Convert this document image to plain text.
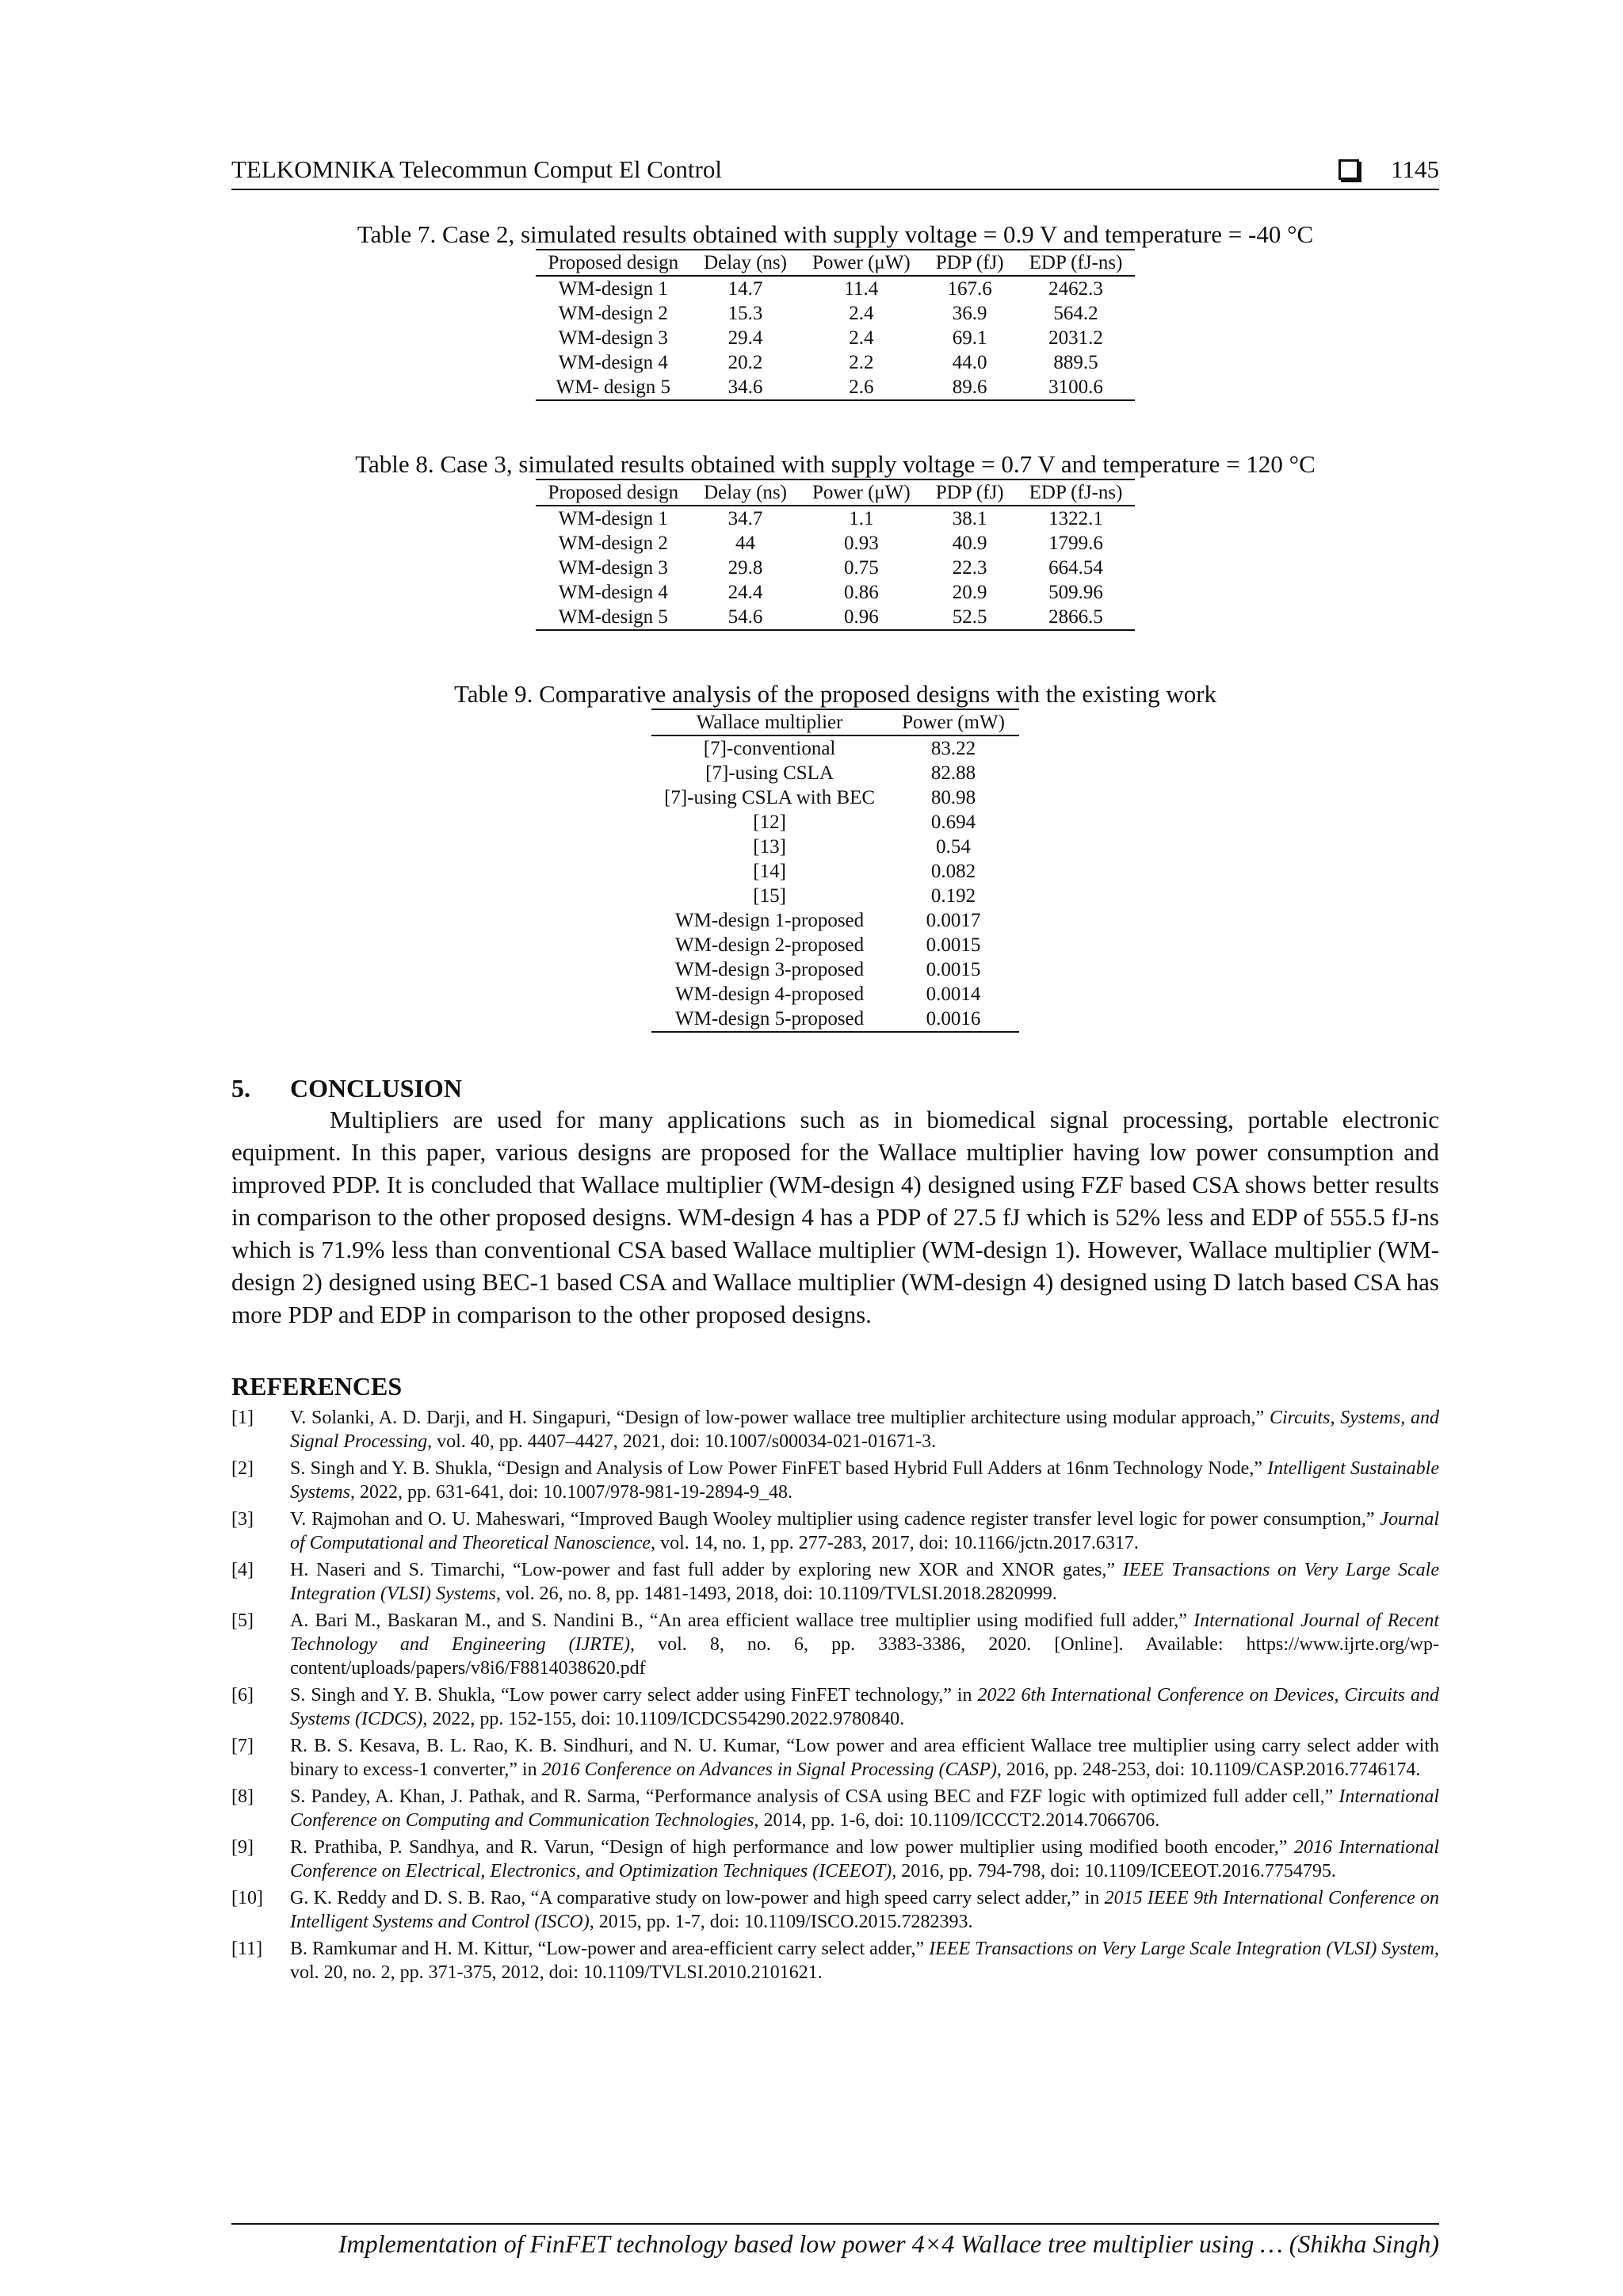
TELKOMNIKA Telecommun Comput El Control	1145
Table 7. Case 2, simulated results obtained with supply voltage = 0.9 V and temperature = -40 °C
Proposed design	Delay (ns)	Power (μW)	PDP (fJ)	EDP (fJ-ns)
WM-design 1	14.7	11.4	167.6	2462.3
WM-design 2	15.3	2.4	36.9	564.2
WM-design 3	29.4	2.4	69.1	2031.2
WM-design 4	20.2	2.2	44.0	889.5
WM- design 5	34.6	2.6	89.6	3100.6
Table 8. Case 3, simulated results obtained with supply voltage = 0.7 V and temperature = 120 °C
Proposed design	Delay (ns)	Power (μW)	PDP (fJ)	EDP (fJ-ns)
WM-design 1	34.7	1.1	38.1	1322.1
WM-design 2	44	0.93	40.9	1799.6
WM-design 3	29.8	0.75	22.3	664.54
WM-design 4	24.4	0.86	20.9	509.96
WM-design 5	54.6	0.96	52.5	2866.5
Table 9. Comparative analysis of the proposed designs with the existing work
Wallace multiplier	Power (mW)
[7]-conventional	83.22
[7]-using CSLA	82.88
[7]-using CSLA with BEC	80.98
[12]	0.694
[13]	0.54
[14]	0.082
[15]	0.192
WM-design 1-proposed	0.0017
WM-design 2-proposed	0.0015
WM-design 3-proposed	0.0015
WM-design 4-proposed	0.0014
WM-design 5-proposed	0.0016
5. CONCLUSION

Multipliers are used for many applications such as in biomedical signal processing, portable electronic equipment. In this paper, various designs are proposed for the Wallace multiplier having low power consumption and improved PDP. It is concluded that Wallace multiplier (WM-design 4) designed using FZF based CSA shows better results in comparison to the other proposed designs. WM-design 4 has a PDP of 27.5 fJ which is 52% less and EDP of 555.5 fJ-ns which is 71.9% less than conventional CSA based Wallace multiplier (WM-design 1). However, Wallace multiplier (WM-design 2) designed using BEC-1 based CSA and Wallace multiplier (WM-design 4) designed using D latch based CSA has more PDP and EDP in comparison to the other proposed designs.

REFERENCES
[1]	V. Solanki, A. D. Darji, and H. Singapuri, “Design of low-power wallace tree multiplier architecture using modular approach,” Circuits, Systems, and Signal Processing, vol. 40, pp. 4407–4427, 2021, doi: 10.1007/s00034-021-01671-3.
[2]	S. Singh and Y. B. Shukla, “Design and Analysis of Low Power FinFET based Hybrid Full Adders at 16nm Technology Node,” Intelligent Sustainable Systems, 2022, pp. 631-641, doi: 10.1007/978-981-19-2894-9_48.
[3]	V. Rajmohan and O. U. Maheswari, “Improved Baugh Wooley multiplier using cadence register transfer level logic for power consumption,” Journal of Computational and Theoretical Nanoscience, vol. 14, no. 1, pp. 277-283, 2017, doi: 10.1166/jctn.2017.6317.
[4]	H. Naseri and S. Timarchi, “Low-power and fast full adder by exploring new XOR and XNOR gates,” IEEE Transactions on Very Large Scale Integration (VLSI) Systems, vol. 26, no. 8, pp. 1481-1493, 2018, doi: 10.1109/TVLSI.2018.2820999.
[5]	A. Bari M., Baskaran M., and S. Nandini B., “An area efficient wallace tree multiplier using modified full adder,” International Journal of Recent Technology and Engineering (IJRTE), vol. 8, no. 6, pp. 3383-3386, 2020. [Online]. Available: https://www.ijrte.org/wp-content/uploads/papers/v8i6/F8814038620.pdf
[6]	S. Singh and Y. B. Shukla, “Low power carry select adder using FinFET technology,” in 2022 6th International Conference on Devices, Circuits and Systems (ICDCS), 2022, pp. 152-155, doi: 10.1109/ICDCS54290.2022.9780840.
[7]	R. B. S. Kesava, B. L. Rao, K. B. Sindhuri, and N. U. Kumar, “Low power and area efficient Wallace tree multiplier using carry select adder with binary to excess-1 converter,” in 2016 Conference on Advances in Signal Processing (CASP), 2016, pp. 248-253, doi: 10.1109/CASP.2016.7746174.
[8]	S. Pandey, A. Khan, J. Pathak, and R. Sarma, “Performance analysis of CSA using BEC and FZF logic with optimized full adder cell,” International Conference on Computing and Communication Technologies, 2014, pp. 1-6, doi: 10.1109/ICCCT2.2014.7066706.
[9]	R. Prathiba, P. Sandhya, and R. Varun, “Design of high performance and low power multiplier using modified booth encoder,” 2016 International Conference on Electrical, Electronics, and Optimization Techniques (ICEEOT), 2016, pp. 794-798, doi: 10.1109/ICEEOT.2016.7754795.
[10]	G. K. Reddy and D. S. B. Rao, “A comparative study on low-power and high speed carry select adder,” in 2015 IEEE 9th International Conference on Intelligent Systems and Control (ISCO), 2015, pp. 1-7, doi: 10.1109/ISCO.2015.7282393.
[11]	B. Ramkumar and H. M. Kittur, “Low-power and area-efficient carry select adder,” IEEE Transactions on Very Large Scale Integration (VLSI) System, vol. 20, no. 2, pp. 371-375, 2012, doi: 10.1109/TVLSI.2010.2101621.
Implementation of FinFET technology based low power 4×4 Wallace tree multiplier using … (Shikha Singh)
